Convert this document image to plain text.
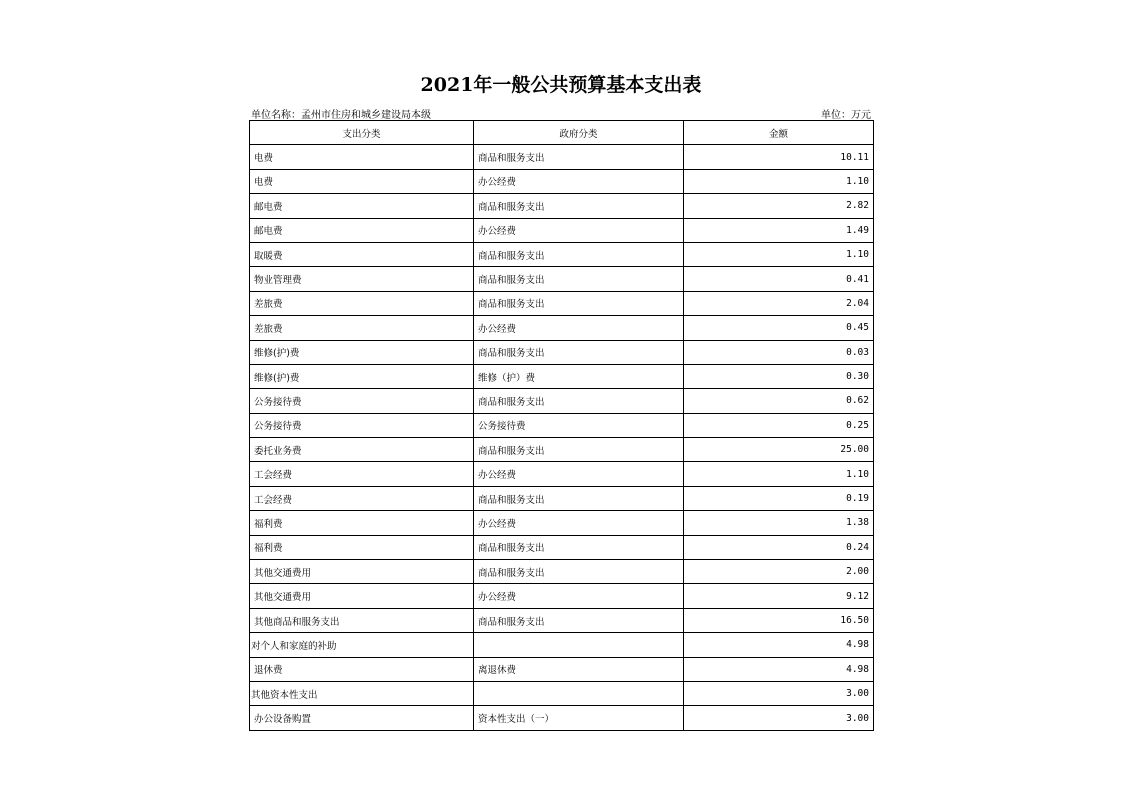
2021年一般公共预算基本支出表
单位名称：孟州市住房和城乡建设局本级	单位：万元
支出分类	政府分类	金额
电费	商品和服务支出	10.11
电费	办公经费	1.10
邮电费	商品和服务支出	2.82
邮电费	办公经费	1.49
取暖费	商品和服务支出	1.10
物业管理费	商品和服务支出	0.41
差旅费	商品和服务支出	2.04
差旅费	办公经费	0.45
维修(护)费	商品和服务支出	0.03
维修(护)费	维修（护）费	0.30
公务接待费	商品和服务支出	0.62
公务接待费	公务接待费	0.25
委托业务费	商品和服务支出	25.00
工会经费	办公经费	1.10
工会经费	商品和服务支出	0.19
福利费	办公经费	1.38
福利费	商品和服务支出	0.24
其他交通费用	商品和服务支出	2.00
其他交通费用	办公经费	9.12
其他商品和服务支出	商品和服务支出	16.50
对个人和家庭的补助		4.98
退休费	离退休费	4.98
其他资本性支出		3.00
办公设备购置	资本性支出（一）	3.00
